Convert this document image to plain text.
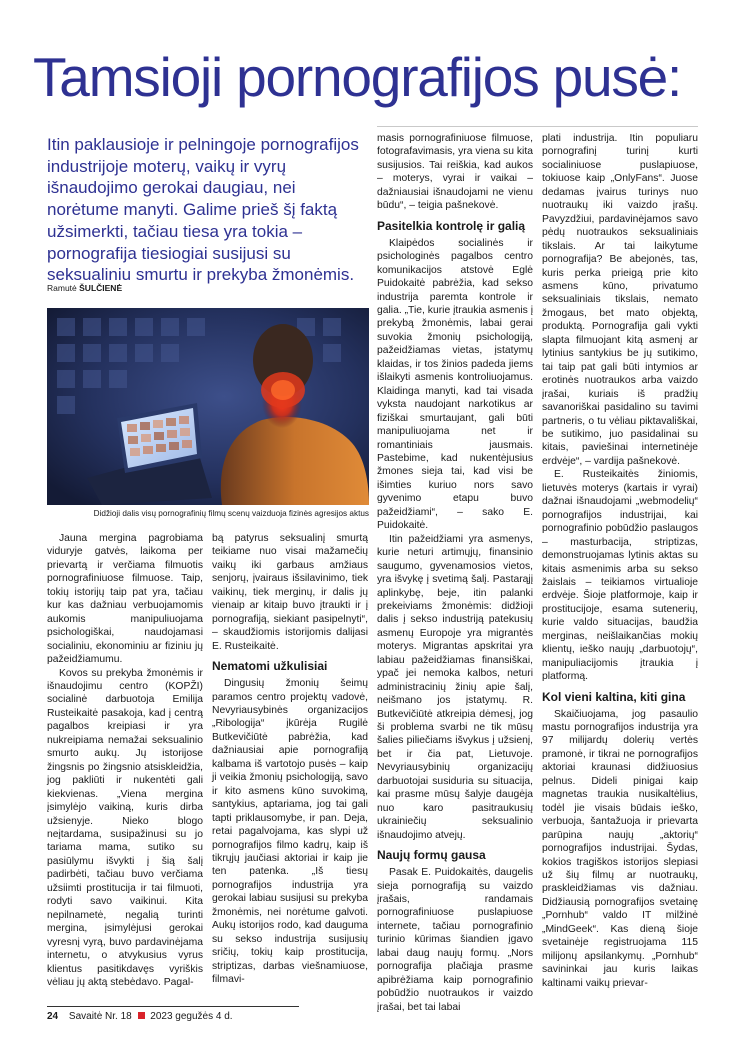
Tamsioji pornografijos pusė:
Itin paklausioje ir pelningoje pornografijos industrijoje moterų, vaikų ir vyrų išnaudojimo gerokai daugiau, nei norėtume manyti. Galime prieš šį faktą užsimerkti, tačiau tiesa yra tokia – pornografija tiesiogiai susijusi su seksualiniu smurtu ir prekyba žmonėmis.
Ramutė ŠULČIENĖ
Didžioji dalis visų pornografinių filmų scenų vaizduoja fizinės agresijos aktus

Jauna mergina pagrobiama viduryje gatvės, laikoma per prievartą ir verčiama filmuotis pornografiniuose filmuose. Taip, tokių istorijų taip pat yra, tačiau kur kas dažniau verbuojamomis aukomis manipuliuojama psichologiškai, naudojamasi socialiniu, ekonominiu ar fiziniu jų pažeidžiamumu.

Kovos su prekyba žmonėmis ir išnaudojimu centro (KOPŽI) socialinė darbuotoja Emilija Rusteikaitė pasakoja, kad į centrą pagalbos kreipiasi ir yra nukreipiama nemažai seksualinio smurto aukų. Jų istorijose žingsnis po žingsnio atsiskleidžia, jog pakliūti ir nukentėti gali kiekvienas. „Viena mergina įsimylėjo vaikiną, kuris dirba užsienyje. Nieko blogo neįtardama, susipažinusi su jo tariama mama, sutiko su pasiūlymu išvykti į šią šalį padirbėti, tačiau buvo verčiama užsiimti prostitucija ir tai filmuoti, rodyti savo vaikinui. Kita nepilnametė, negalią turinti mergina, įsimylėjusi gerokai vyresnį vyrą, buvo pardavinėjama internetu, o atvykusius vyrus klientus pasitikdavęs vyriškis vėliau jų aktą stebėdavo. Pagal-

bą patyrus seksualinį smurtą teikiame nuo visai mažamečių vaikų iki garbaus amžiaus senjorų, įvairaus išsilavinimo, tiek vaikinų, tiek merginų, ir dalis jų vienaip ar kitaip buvo įtraukti ir į pornografiją, siekiant pasipelnyti“, – skaudžiomis istorijomis dalijasi E. Rusteikaitė.

Nematomi užkulisiai

Dingusių žmonių šeimų paramos centro projektų vadovė, Nevyriausybinės organizacijos „Ribologija“ įkūrėja Rugilė Butkevičiūtė pabrėžia, kad dažniausiai apie pornografiją kalbama iš vartotojo pusės – kaip ji veikia žmonių psichologiją, savo ir kito asmens kūno suvokimą, santykius, aptariama, jog tai gali tapti priklausomybe, ir pan. Deja, retai pagalvojama, kas slypi už pornografijos filmo kadrų, kaip iš tikrųjų jaučiasi aktoriai ir kaip jie ten patenka. „Iš tiesų pornografijos industrija yra gerokai labiau susijusi su prekyba žmonėmis, nei norėtume galvoti. Aukų istorijos rodo, kad dauguma su sekso industrija susijusių sričių, tokių kaip prostitucija, striptizas, darbas viešnamiuose, filmavi-

masis pornografiniuose filmuose, fotografavimasis, yra viena su kita susijusios. Tai reiškia, kad aukos – moterys, vyrai ir vaikai – dažniausiai išnaudojami ne vienu būdu“, – teigia pašnekovė.

Pasitelkia kontrolę ir galią

Klaipėdos socialinės ir psichologinės pagalbos centro komunikacijos atstovė Eglė Puidokaitė pabrėžia, kad sekso industrija paremta kontrole ir galia. „Tie, kurie įtraukia asmenis į prekybą žmonėmis, labai gerai suvokia žmonių psichologiją, pažeidžiamas vietas, įstatymų klaidas, ir tos žinios padeda jiems išlaikyti asmenis kontroliuojamus. Klaidinga manyti, kad tai visada vyksta naudojant narkotikus ar fiziškai smurtaujant, gali būti manipuliuojama net ir romantiniais jausmais. Pastebime, kad nukentėjusius žmones sieja tai, kad visi be išimties kuriuo nors savo gyvenimo etapu buvo pažeidžiami“, – sako E. Puidokaitė.

Itin pažeidžiami yra asmenys, kurie neturi artimųjų, finansinio saugumo, gyvenamosios vietos, yra išvykę į svetimą šalį. Pastarąjį aplinkybę, beje, itin palanki prekeiviams žmonėmis: didžioji dalis į sekso industriją patekusių asmenų Europoje yra migrantės moterys. Migrantas apskritai yra labiau pažeidžiamas finansiškai, ypač jei nemoka kalbos, neturi administracinių žinių apie šalį, neišmano jos įstatymų. R. Butkevičiūtė atkreipia dėmesį, jog ši problema svarbi ne tik mūsų šalies piliečiams išvykus į užsienį, bet ir čia pat, Lietuvoje. Nevyriausybinių organizacijų darbuotojai susiduria su situacija, kai prasme mūsų šalyje daugėja nuo karo pasitraukusių ukrainiečių seksualinio išnaudojimo atvejų.

Naujų formų gausa

Pasak E. Puidokaitės, daugelis sieja pornografiją su vaizdo įrašais, randamais pornografiniuose puslapiuose internete, tačiau pornografinio turinio kūrimas šiandien įgavo labai daug naujų formų. „Nors pornografija plačiąja prasme apibrėžiama kaip pornografinio pobūdžio nuotraukos ir vaizdo įrašai, bet tai labai

plati industrija. Itin populiaru pornografinį turinį kurti socialiniuose puslapiuose, tokiuose kaip „OnlyFans“. Juose dedamas įvairus turinys nuo nuotraukų iki vaizdo įrašų. Pavyzdžiui, pardavinėjamos savo pėdų nuotraukos seksualiniais tikslais. Ar tai laikytume pornografija? Be abejonės, tas, kuris perka prieigą prie kito asmens kūno, privatumo seksualiniais tikslais, nemato žmogaus, bet mato objektą, produktą. Pornografija gali vykti slapta filmuojant kitą asmenį ar lytinius santykius be jų sutikimo, tai taip pat gali būti intymios ar erotinės nuotraukos arba vaizdo įrašai, kuriais iš pradžių savanoriškai pasidalino su tavimi partneris, o tu vėliau piktavališkai, be sutikimo, juo pasidalinai su kitais, paviešinai internetinėje erdvėje“, – vardija pašnekovė.

E. Rusteikaitės žiniomis, lietuvės moterys (kartais ir vyrai) dažnai išnaudojami „webmodelių“ pornografijos industrijai, kai pornografinio pobūdžio paslaugos – masturbacija, striptizas, demonstruojamas lytinis aktas su kitais asmenimis arba su sekso žaislais – teikiamos virtualioje erdvėje. Šioje platformoje, kaip ir prostitucijoje, esama sutenerių, kurie valdo situacijas, baudžia merginas, neišlaikančias mokių klientų, ieško naujų „darbuotojų“, manipuliacijomis įtraukia į platformą.

Kol vieni kaltina, kiti gina

Skaičiuojama, jog pasaulio mastu pornografijos industrija yra 97 milijardų dolerių vertės pramonė, ir tikrai ne pornografijos aktoriai kraunasi didžiuosius pelnus. Dideli pinigai kaip magnetas traukia nusikaltėlius, todėl jie visais būdais ieško, verbuoja, šantažuoja ir prievarta parūpina naujų „aktorių“ pornografijos industrijai. Šydas, kokios tragiškos istorijos slepiasi už šių filmų ar nuotraukų, praskleidžiamas vis dažniau. Didžiausią pornografijos svetainę „Pornhub“ valdo IT milžinė „MindGeek“. Kas dieną šioje svetainėje registruojama 115 milijonų apsilankymų. „Pornhub“ savininkai jau kuris laikas kaltinami vaikų prievar-

24 Savaitė Nr. 18 2023 gegužės 4 d.
